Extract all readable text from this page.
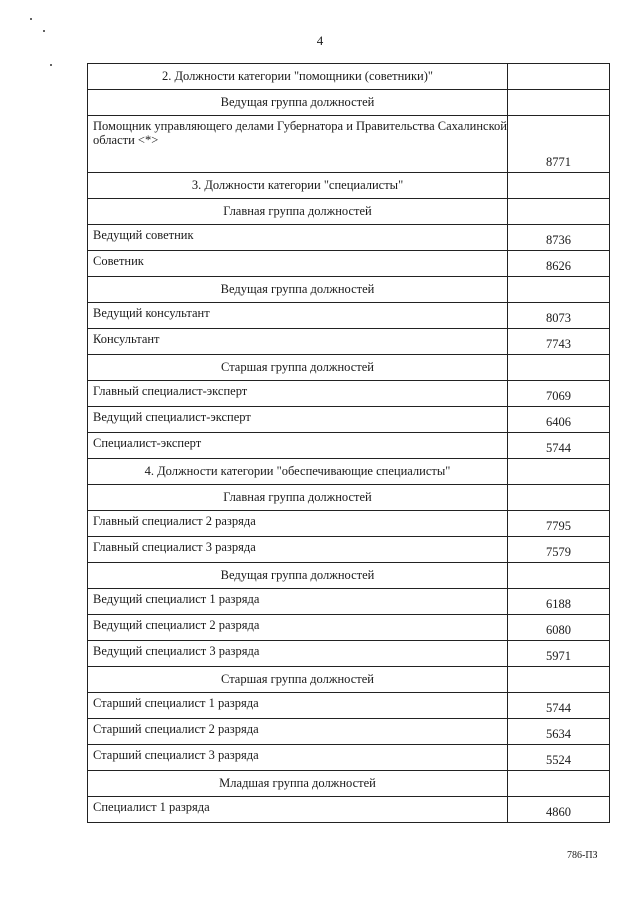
4
2. Должности категории "помощники (советники)"	
Ведущая группа должностей	
Помощник управляющего делами Губернатора и Правительства Сахалинской области <*>	8771
3. Должности категории "специалисты"	
Главная группа должностей	
Ведущий советник	8736
Советник	8626
Ведущая группа должностей	
Ведущий консультант	8073
Консультант	7743
Старшая группа должностей	
Главный специалист-эксперт	7069
Ведущий специалист-эксперт	6406
Специалист-эксперт	5744
4. Должности категории "обеспечивающие специалисты"	
Главная группа должностей	
Главный специалист 2 разряда	7795
Главный специалист 3 разряда	7579
Ведущая группа должностей	
Ведущий специалист 1 разряда	6188
Ведущий специалист 2 разряда	6080
Ведущий специалист 3 разряда	5971
Старшая группа должностей	
Старший специалист 1 разряда	5744
Старший специалист 2 разряда	5634
Старший специалист 3 разряда	5524
Младшая группа должностей	
Специалист 1 разряда	4860
786-ПЗ
